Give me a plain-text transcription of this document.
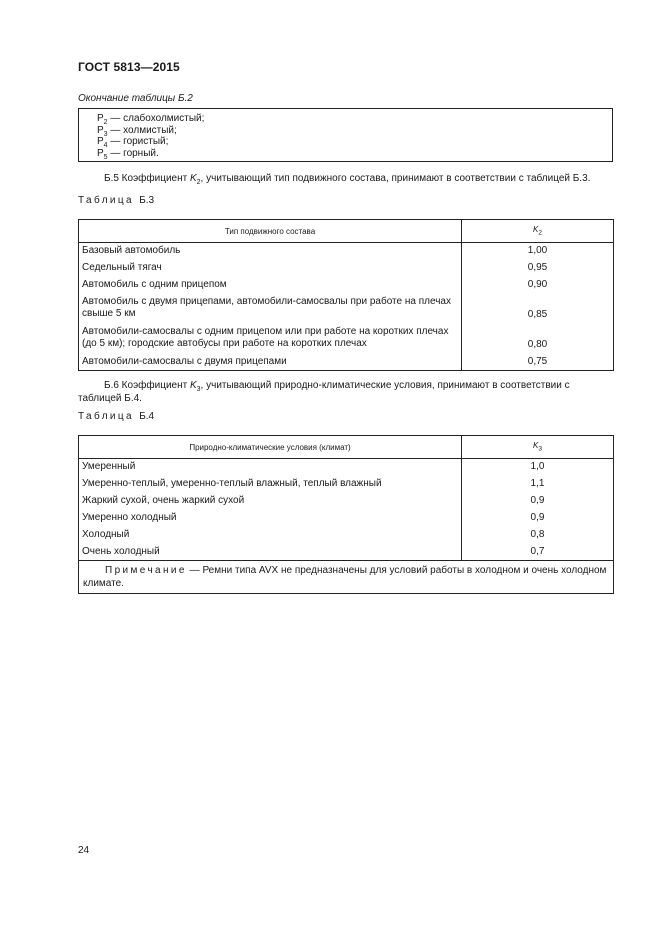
ГОСТ 5813—2015
Окончание таблицы Б.2
$Р_2$ — слабохолмистый;
$Р_3$ — холмистый;
$Р_4$ — гористый;
$Р_5$ — горный.
Б.5 Коэффициент $K_2$, учитывающий тип подвижного состава, принимают в соответствии с таблицей Б.3.
Таблица Б.3
Тип подвижного состава	$K_2$
Базовый автомобиль	1,00
Седельный тягач	0,95
Автомобиль с одним прицепом	0,90
Автомобиль с двумя прицепами, автомобили-самосвалы при работе на плечах свыше 5 км	0,85
Автомобили-самосвалы с одним прицепом или при работе на коротких плечах (до 5 км); городские автобусы при работе на коротких плечах	0,80
Автомобили-самосвалы с двумя прицепами	0,75
Б.6 Коэффициент $K_3$, учитывающий природно-климатические условия, принимают в соответствии с таблицей Б.4.
Таблица Б.4
Природно-климатические условия (климат)	$K_3$
Умеренный	1,0
Умеренно-теплый, умеренно-теплый влажный, теплый влажный	1,1
Жаркий сухой, очень жаркий сухой	0,9
Умеренно холодный	0,9
Холодный	0,8
Очень холодный	0,7
Примечание — Ремни типа AVX не предназначены для условий работы в холодном и очень холодном климате.	
24
